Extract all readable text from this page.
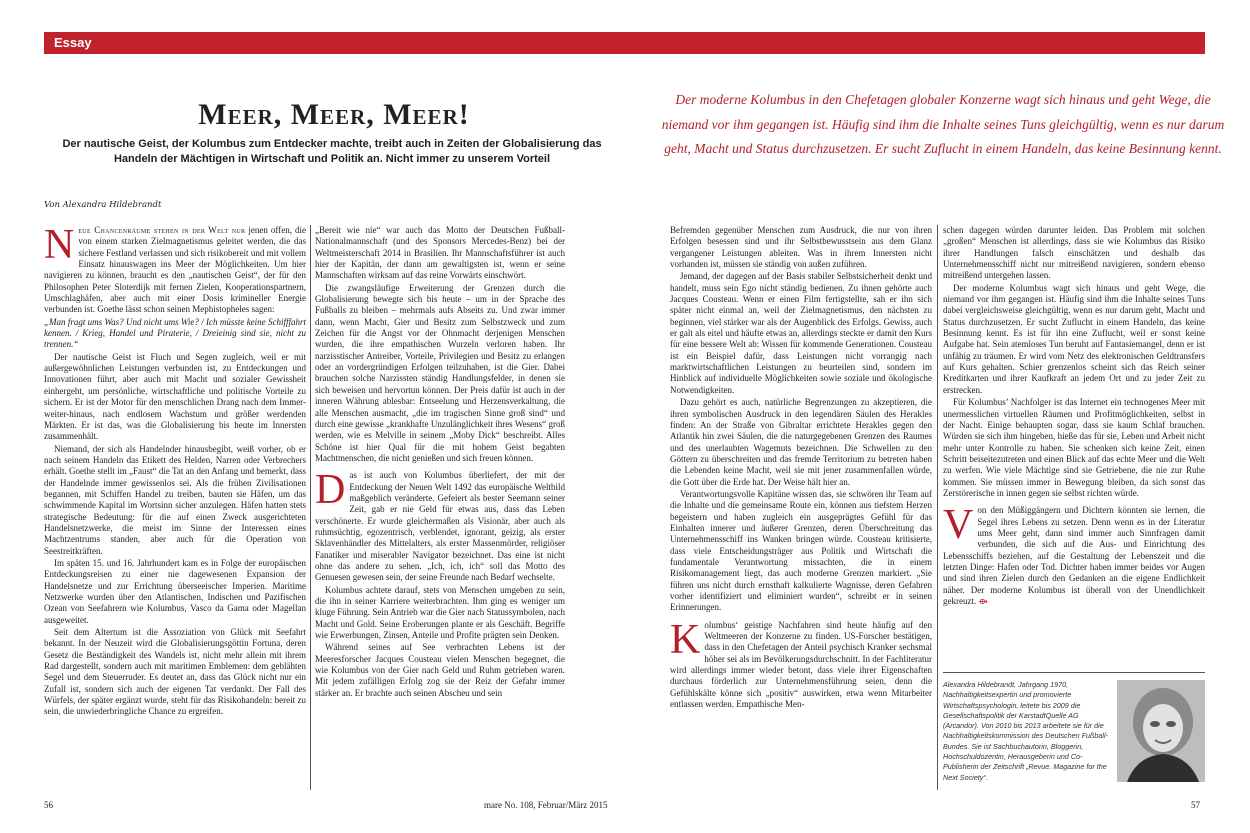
Essay
Meer, Meer, Meer!

Der nautische Geist, der Kolumbus zum Entdecker machte, treibt auch in Zeiten der Globalisierung das Handeln der Mächtigen in Wirtschaft und Politik an. Nicht immer zu unserem Vorteil

Von Alexandra Hildebrandt

Der moderne Kolumbus in den Chefetagen globaler Konzerne wagt sich hinaus und geht Wege, die niemand vor ihm gegangen ist. Häufig sind ihm die Inhalte seines Tuns gleichgültig, wenn es nur darum geht, Macht und Status durchzusetzen. Er sucht Zuflucht in einem Handeln, das keine Besinnung kennt.

Neue Chancenräume stehen in der Welt nur jenen offen, die von einem starken Zielmagnetismus geleitet werden, die das sichere Festland verlassen und sich risikobereit und mit vollem Einsatz hinauswagen ins Meer der Möglichkeiten. Um hier navigieren zu können, braucht es den „nautischen Geist“, der für den Philosophen Peter Sloterdijk mit fernen Zielen, Kooperationspartnern, Umschlaghäfen, aber auch mit einer Dosis krimineller Energie verbunden ist. Goethe lässt schon seinen Mephistopheles sagen:

„Man fragt ums Was? Und nicht ums Wie? / Ich müsste keine Schifffahrt kennen. / Krieg, Handel und Piraterie, / Dreieinig sind sie, nicht zu trennen.“

Der nautische Geist ist Fluch und Segen zugleich, weil er mit außergewöhnlichen Leistungen verbunden ist, zu Entdeckungen und Innovationen führt, aber auch mit Macht und sozialer Gewissheit einhergeht, um persönliche, wirtschaftliche und politische Vorteile zu sichern. Er ist der Motor für den menschlichen Drang nach dem Immer-weiter-hinaus, nach endlosem Wachstum und größer werdenden Märkten. Er ist das, was die Globalisierung bis heute im Innersten zusammenhält.

Niemand, der sich als Handelnder hinausbegibt, weiß vorher, ob er nach seinem Handeln das Etikett des Helden, Narren oder Verbrechers erhält. Goethe stellt im „Faust“ die Tat an den Anfang und bemerkt, dass der Handelnde immer gewissenlos sei. Als die frühen Zivilisationen begannen, mit Schiffen Handel zu treiben, bauten sie Häfen, um das schwimmende Kapital im Wortsinn sicher anzulegen. Häfen hatten stets strategische Bedeutung: für die auf einen Zweck ausgerichteten Handelsnetzwerke, die meist im Sinne der Interessen eines Machtzentrums standen, aber auch für die Operation von Seestreitkräften.

Im späten 15. und 16. Jahrhundert kam es in Folge der europäischen Entdeckungsreisen zu einer nie dagewesenen Expansion der Handelsnetze und zur Errichtung überseeischer Imperien. Maritime Netzwerke wurden über den Atlantischen, Indischen und Pazifischen Ozean von Seefahrern wie Kolumbus, Vasco da Gama oder Magellan ausgeweitet.

Seit dem Altertum ist die Assoziation von Glück mit Seefahrt bekannt. In der Neuzeit wird die Globalisierungsgöttin Fortuna, deren Gesetz die Beständigkeit des Wandels ist, nicht mehr allein mit ihrem Rad dargestellt, sondern auch mit maritimen Emblemen: dem geblähten Segel und dem Steuerruder. Es deutet an, dass das Glück nicht nur ein Zufall ist, sondern sich auch der eigenen Tat verdankt. Der Fall des Würfels, der später ergänzt wurde, steht für das Risikohandeln: bereit zu sein, die unwiederbringliche Chance zu ergreifen.

„Bereit wie nie“ war auch das Motto der Deutschen Fußball-Nationalmannschaft (und des Sponsors Mercedes-Benz) bei der Weltmeisterschaft 2014 in Brasilien. Ihr Mannschaftsführer ist auch hier der Kapitän, der dann am gewaltigsten ist, wenn er seine Mannschaften wirksam auf das reine Vorwärts einschwört.

Die zwangsläufige Erweiterung der Grenzen durch die Globalisierung bewegte sich bis heute – um in der Sprache des Fußballs zu bleiben – mehrmals aufs Abseits zu. Und zwar immer dann, wenn Macht, Gier und Besitz zum Selbstzweck und zum Zeichen für die Angst vor der Ohnmacht derjenigen Menschen wurden, die ihre empathischen Wurzeln verloren haben. Ihr narzisstischer Antreiber, Vorteile, Privilegien und Besitz zu erlangen oder an vordergründigen Erfolgen teilzuhaben, ist die Gier. Dabei brauchen solche Narzissten ständig Handlungsfelder, in denen sie sich beweisen und hervortun können. Der Preis dafür ist auch in der inneren Währung ablesbar: Entseelung und Herzensverkaltung, die alle Menschen ausmacht, „die im tragischen Sinne groß sind“ und durch eine gewisse „krankhafte Unzulänglichkeit ihres Wesens“ groß werden, wie es Melville in seinem „Moby Dick“ beschreibt. Alles Schöne ist hier Qual für die mit hohem Geist begabten Machtmenschen, die nicht genießen und sich freuen können.

Das ist auch von Kolumbus überliefert, der mit der Entdeckung der Neuen Welt 1492 das europäische Weltbild maßgeblich veränderte. Gefeiert als bester Seemann seiner Zeit, gab er nie Geld für etwas aus, dass das Leben verschönerte. Er wurde gleichermaßen als Visionär, aber auch als ruhmsüchtig, egozentrisch, verblendet, ignorant, geizig, als erster Sklavenhändler des Mittelalters, als erster Massenmörder, religiöser Fanatiker und miserabler Navigator bezeichnet. Das eine ist nicht ohne das andere zu sehen. „Ich, ich, ich“ soll das Motto des Genuesen gewesen sein, der seine Freunde nach Bedarf wechselte.

Kolumbus achtete darauf, stets von Menschen umgeben zu sein, die ihn in seiner Karriere weiterbrachten. Ihm ging es weniger um kluge Führung. Sein Antrieb war die Gier nach Statussymbolen, nach Macht und Gold. Seine Eroberungen plante er als Geschäft. Begriffe wie Erwerbungen, Zinsen, Anteile und Profite prägten sein Denken.

Während seines auf See verbrachten Lebens ist der Meeresforscher Jacques Cousteau vielen Menschen begegnet, die wie Kolumbus von der Gier nach Geld und Ruhm getrieben waren. Mit jedem zufälligen Erfolg zog sie der Reiz der Gefahr immer stärker an. Er brachte auch seinen Abscheu und sein

Befremden gegenüber Menschen zum Ausdruck, die nur von ihren Erfolgen besessen sind und ihr Selbstbewusstsein aus dem Glanz vergangener Leistungen ableiten. Was in ihrem Innersten nicht vorhanden ist, müssen sie ständig von außen zuführen.

Jemand, der dagegen auf der Basis stabiler Selbstsicherheit denkt und handelt, muss sein Ego nicht ständig bedienen. Zu ihnen gehörte auch Jacques Cousteau. Wenn er einen Film fertigstellte, sah er ihn sich später nicht einmal an, weil der Zielmagnetismus, den nächsten zu beginnen, viel stärker war als der Augenblick des Erfolgs. Gewiss, auch er galt als eitel und häufte etwas an, allerdings steckte er damit den Kurs für eine bessere Welt ab: Wissen für kommende Generationen. Cousteau ist ein Beispiel dafür, dass Leistungen nicht vorrangig nach marktwirtschaftlichen Leistungen zu beurteilen sind, sondern im Hinblick auf individuelle Möglichkeiten sowie soziale und ökologische Notwendigkeiten.

Dazu gehört es auch, natürliche Begrenzungen zu akzeptieren, die ihren symbolischen Ausdruck in den legendären Säulen des Herakles finden: An der Straße von Gibraltar errichtete Herakles gegen den Atlantik hin zwei Säulen, die die naturgegebenen Grenzen des Raumes und des unerlaubten Wagemuts bezeichnen. Die Schwellen zu den Göttern zu überschreiten und das fremde Territorium zu betreten haben die Lebenden keine Macht, weil sie mit jener zusammenfallen würde, die Gott über die Erde hat. Der Weise hält hier an.

Verantwortungsvolle Kapitäne wissen das, sie schwören ihr Team auf die Inhalte und die gemeinsame Route ein, können aus tiefstem Herzen begeistern und haben zugleich ein ausgeprägtes Gefühl für das Einhalten innerer und äußerer Grenzen, deren Überschreitung das Unternehmensschiff ins Wanken bringen würde. Cousteau kritisierte, dass viele Entscheidungsträger aus Politik und Wirtschaft die fundamentale Verantwortung missachten, die in einem Risikomanagement liegt, das auch moderne Grenzen markiert. „Sie führen uns nicht durch ernsthaft kalkulierte Wagnisse, deren Gefahren vorher identifiziert und eliminiert wurden“, schreibt er in seinen Erinnerungen.

Kolumbus‘ geistige Nachfahren sind heute häufig auf den Weltmeeren der Konzerne zu finden. US-Forscher bestätigen, dass in den Chefetagen der Anteil psychisch Kranker sechsmal höher sei als im Bevölkerungsdurchschnitt. In der Fachliteratur wird allerdings immer wieder betont, dass viele ihrer Eigenschaften durchaus förderlich zur Unternehmensführung seien, denn die Gefühlskälte könne sich „positiv“ auswirken, etwa wenn Mitarbeiter entlassen werden. Empathische Men-

schen dagegen würden darunter leiden. Das Problem mit solchen „großen“ Menschen ist allerdings, dass sie wie Kolumbus das Risiko ihrer Handlungen falsch einschätzen und deshalb das Unternehmensschiff nicht nur mitreißend navigieren, sondern ebenso mitreißend untergehen lassen.

Der moderne Kolumbus wagt sich hinaus und geht Wege, die niemand vor ihm gegangen ist. Häufig sind ihm die Inhalte seines Tuns dabei vergleichsweise gleichgültig, wenn es nur darum geht, Macht und Status durchzusetzen. Er sucht Zuflucht in einem Handeln, das keine Besinnung kennt. Es ist für ihn eine Zuflucht, weil er sonst keine Aufgabe hat. Sein atemloses Tun beruht auf Fantasiemangel, denn er ist unfähig zu träumen. Er wird vom Netz des elektronischen Geldtransfers auf Kurs gehalten. Schier grenzenlos scheint sich das Reich seiner Kreditkarten und ihrer Kaufkraft an jedem Ort und zu jeder Zeit zu erstrecken.

Für Kolumbus’ Nachfolger ist das Internet ein technogenes Meer mit unermesslichen virtuellen Räumen und Profitmöglichkeiten, selbst in der Nacht. Einige behaupten sogar, dass sie kaum Schlaf brauchen. Würden sie sich ihm hingeben, hieße das für sie, Leben und Arbeit nicht mehr unter Kontrolle zu haben. Sie schenken sich keine Zeit, einen Schritt beiseitezutreten und einen Blick auf das echte Meer und die Welt zu werfen. Wie viele Mächtige sind sie Getriebene, die nie zur Ruhe kommen. Sie müssen immer in Bewegung bleiben, da sich sonst das Zerstörerische in innen gegen sie selbst richten würde.

Von den Müßiggängern und Dichtern könnten sie lernen, die Segel ihres Lebens zu setzen. Denn wenn es in der Literatur ums Meer geht, dann sind immer auch Sinnfragen damit verbunden, die sich auf die Aus- und Einrichtung des Lebensschiffs beziehen, auf die Gestaltung der Lebenszeit und die letzten Dinge: Hafen oder Tod. Dichter haben immer beides vor Augen und sind ihren Zielen durch den Gedanken an die eigene Endlichkeit näher. Der moderne Kolumbus ist überall von der Unendlichkeit gekreuzt. ⟴

Alexandra Hildebrandt, Jahrgang 1970, Nachhaltigkeitsexpertin und promovierte Wirtschaftspsychologin, leitete bis 2009 die Gesellschaftspolitik der KarstadtQuelle AG (Arcandor). Von 2010 bis 2013 arbeitete sie für die Nachhaltigkeitskommission des Deutschen Fußball-Bundes. Sie ist Sachbuchautorin, Bloggerin, Hochschuldozentin, Herausgeberin und Co-Publisherin der Zeitschrift „Revue. Magazine for the Next Society“.

56	mare No. 108, Februar/März 2015	57
